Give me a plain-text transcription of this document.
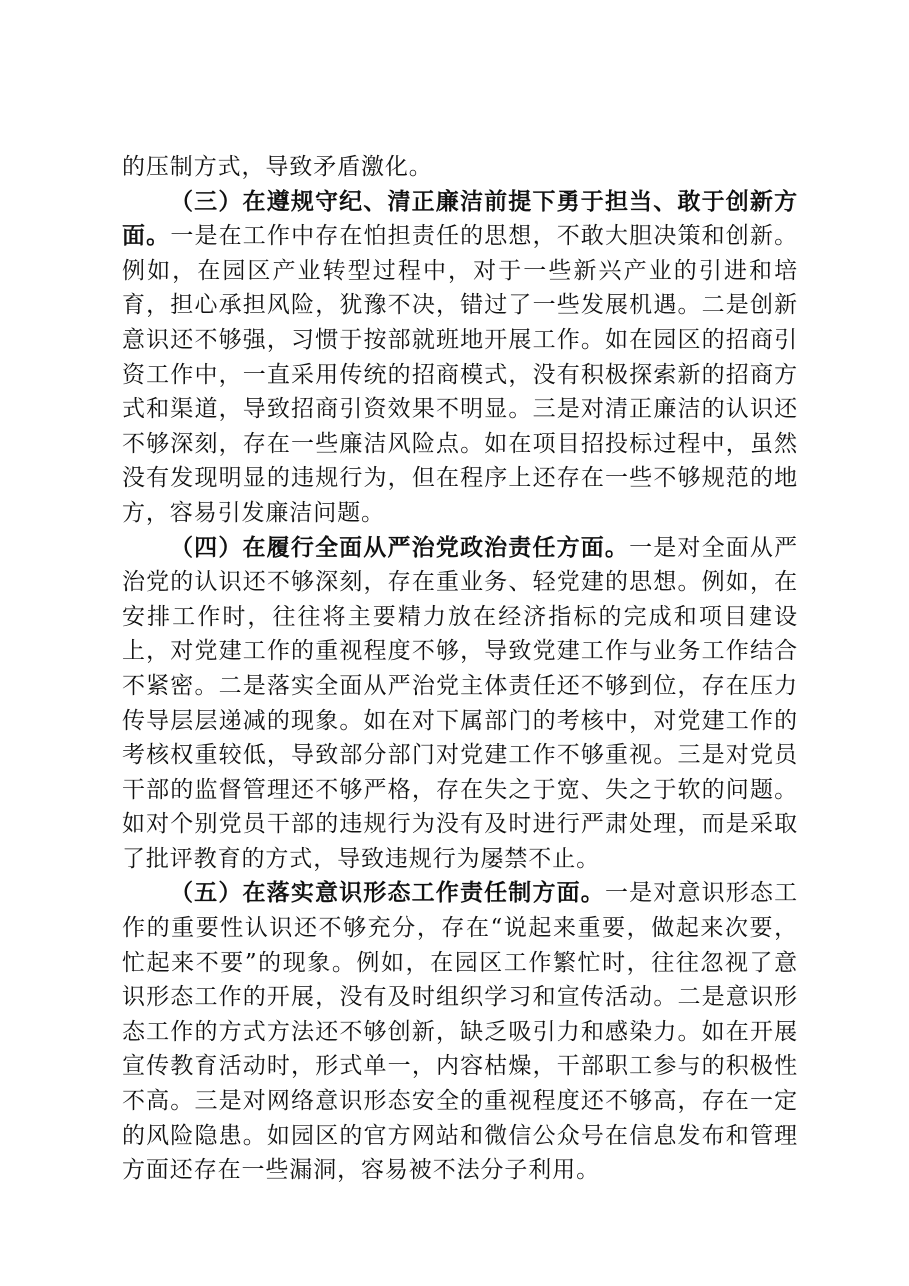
的压制方式，导致矛盾激化。

（三）在遵规守纪、清正廉洁前提下勇于担当、敢于创新方面。一是在工作中存在怕担责任的思想，不敢大胆决策和创新。例如，在园区产业转型过程中，对于一些新兴产业的引进和培育，担心承担风险，犹豫不决，错过了一些发展机遇。二是创新意识还不够强，习惯于按部就班地开展工作。如在园区的招商引资工作中，一直采用传统的招商模式，没有积极探索新的招商方式和渠道，导致招商引资效果不明显。三是对清正廉洁的认识还不够深刻，存在一些廉洁风险点。如在项目招投标过程中，虽然没有发现明显的违规行为，但在程序上还存在一些不够规范的地方，容易引发廉洁问题。

（四）在履行全面从严治党政治责任方面。一是对全面从严治党的认识还不够深刻，存在重业务、轻党建的思想。例如，在安排工作时，往往将主要精力放在经济指标的完成和项目建设上，对党建工作的重视程度不够，导致党建工作与业务工作结合不紧密。二是落实全面从严治党主体责任还不够到位，存在压力传导层层递减的现象。如在对下属部门的考核中，对党建工作的考核权重较低，导致部分部门对党建工作不够重视。三是对党员干部的监督管理还不够严格，存在失之于宽、失之于软的问题。如对个别党员干部的违规行为没有及时进行严肃处理，而是采取了批评教育的方式，导致违规行为屡禁不止。

（五）在落实意识形态工作责任制方面。一是对意识形态工作的重要性认识还不够充分，存在“说起来重要，做起来次要，忙起来不要”的现象。例如，在园区工作繁忙时，往往忽视了意识形态工作的开展，没有及时组织学习和宣传活动。二是意识形态工作的方式方法还不够创新，缺乏吸引力和感染力。如在开展宣传教育活动时，形式单一，内容枯燥，干部职工参与的积极性不高。三是对网络意识形态安全的重视程度还不够高，存在一定的风险隐患。如园区的官方网站和微信公众号在信息发布和管理方面还存在一些漏洞，容易被不法分子利用。
